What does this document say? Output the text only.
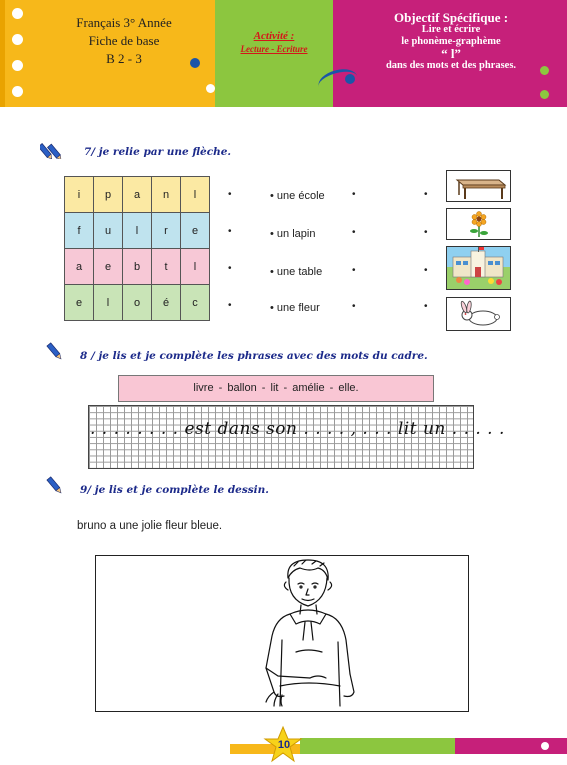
Français 3° Année
Fiche de base
B 2 - 3
Activité :
Lecture - Ecriture
Objectif Spécifique :
Lire et écrire
le phonème-graphème
“ l”
dans des mots et des phrases.
7/ je relie par une flèche.
i	p	a	n	l
f	u	l	r	e
a	e	b	t	l
e	l	o	é	c
•
•
•
•
• une école
• un lapin
• une table
• une fleur
•
•
•
•
•
•
•
•
8 / je lis et je complète les phrases avec des mots du cadre.
livre - ballon - lit - amélie - elle.
. . . . . . . . est dans son . . . . , . . . lit un . . . . .
9/ je lis et je complète le dessin.
bruno a une jolie fleur bleue.
10
